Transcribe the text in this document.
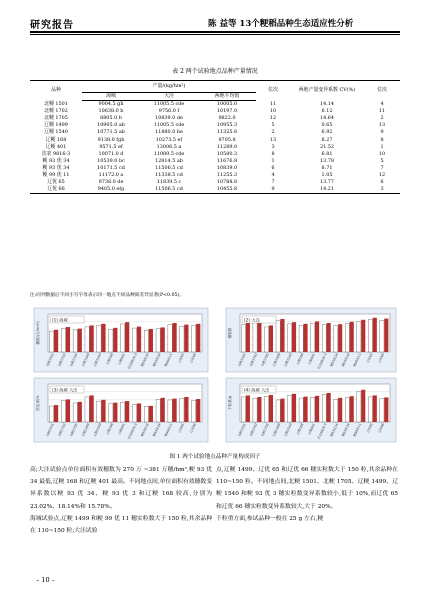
研究报告	陈 益等 13个粳稻品种生态适应性分析
表 2 两个试验地点品种产量情况
品种	产量/(kg/hm²)			位次	两地产量变异系数 CV(%)	位次
	海城	大洼	两地平均值			
北粳 1501	9004.5 gh	11005.5 cde	10005.0	11	14.14	4
北粳 1702	10638.0 b	9756.0 f	10197.0	10	6.12	11
北粳 1705	8805.0 h	10839.0 de	9822.0	12	14.64	2
辽粳 1499	10905.0 ab	11005.5 cde	10955.3	5	0.65	13
辽粳 1540	10771.5 ab	11880.0 be	11325.8	2	6.92	9
辽粳 168	9138.0 fgh	10273.5 ef	9705.8	13	8.27	8
辽粳 401	9571.5 ef	13006.5 a	11289.0	3	21.52	1
沈农 9816-3	10071.0 d	11089.5 cde	10580.3	8	6.81	10
粳 93 优 34	10539.0 bc	12814.5 ab	11676.8	1	13.78	5
粳 93 优 34	10171.5 cd	11506.5 cd	10839.0	6	8.71	7
粳 99 优 11	11172.0 a	11338.5 cd	11255.3	4	1.05	12
辽优 65	9738.0 de	11839.5 c	10788.8	7	13.77	6
辽优 66	9405.0 efg	11506.5 cd	10455.8	9	14.21	3
注:同列数据后不同小写字母表示同一地点不同品种间差异显著(P<0.05)。
(1) 海城
穗数/(万/hm²)
北粳1501 北粳1702 北粳1705 辽粳1499 辽粳1540 辽粳168 辽粳401 沈农9816-3 粳93优34 粳93优34 粳99优11 辽优65 辽优66
(2) 大洼
穗粒数
北粳1501 北粳1702 北粳1705 辽粳1499 辽粳1540 辽粳168 辽粳401 沈农9816-3 粳93优34 粳93优34 粳99优11 辽优65 辽优66
(3) 海城 大洼
结实率/%
北粳1501 北粳1702 北粳1705 辽粳1499 辽粳1540 辽粳168 辽粳401 沈农9816-3 粳93优34 粳93优34 粳99优11 辽优65 辽优66
(4) 海城 大洼
千粒重/g
北粳1501 北粳1702 北粳1705 辽粳1499 辽粳1540 辽粳168 辽粳401 沈农9816-3 粳93优34 粳93优34 粳99优11 辽优65 辽优66
图 1 两个试验地点品种产量构成因子

高;大洼试验点单位面积有效穗数为 270 万 ~381 万穗/hm²,粳 93 优 34 最低,辽粳 168 和辽粳 401 最高。不同地点间,单位面积有效穗数变异系数以粳 93 优 34、粳 93 优 3 和辽粳 168 较高,分别为 23.02%、18.14%和 15.78%。
海城试验点,辽粳 1499 和粳 99 优 11 穗实粒数大于 150 粒,其余品种在 110~150 粒;大洼试验

点,辽粳 1499、辽优 65 和辽优 66 穗实粒数大于 150 粒,其余品种在 110~150 粒。不同地点间,北粳 1501、北粳 1705、辽粳 1499、辽粳 1540 和粳 93 优 3 穗实粒数变异系数较小,低于 10%,而辽优 65 和辽优 66 穗实粒数变异系数较大,大于 20%。
千粒重方面,参试品种一般在 25 g 左右,粳

– 10 –
